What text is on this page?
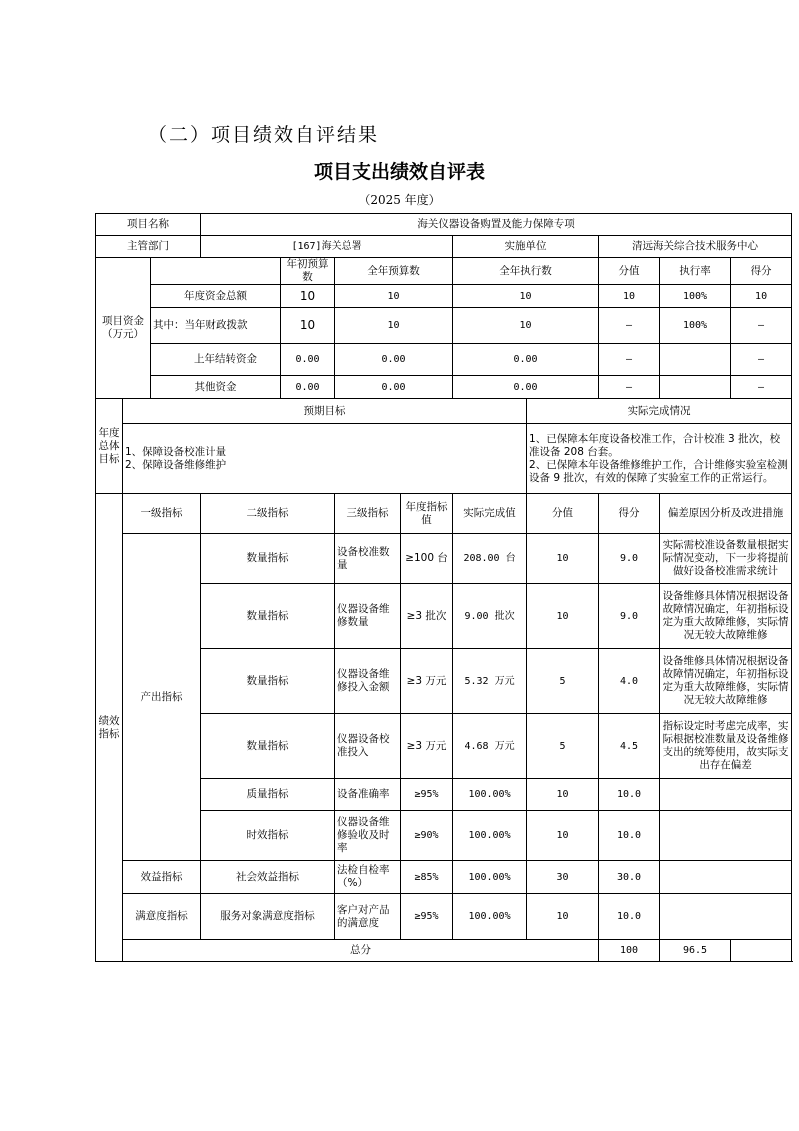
（二）项目绩效自评结果
项目支出绩效自评表
（2025 年度）
项目名称			海关仪器设备购置及能力保障专项								
主管部门			[167]海关总署				实施单位		清远海关综合技术服务中心		
项目资金（万元）				年初预算数	全年预算数		全年执行数		分值	执行率	得分
		年度资金总额		10	10		10		10	100%	10
		其中：当年财政拨款		10	10		10		—	100%	—
		上年结转资金		0.00	0.00		0.00		—		—
		其他资金		0.00	0.00		0.00		—		—
年度总体目标	预期目标							实际完成情况			
	1、保障设备校准计量
2、保障设备维修维护							1、已保障本年度设备校准工作，合计校准 3 批次，校准设备 208 台套。
2、已保障本年设备维修维护工作，合计维修实验室检测设备 9 批次，有效的保障了实验室工作的正常运行。			
绩效指标	一级指标		二级指标		三级指标	年度指标值	实际完成值	分值	得分	偏差原因分析及改进措施	
	产出指标		数量指标		设备校准数量	≥100 台	208.00 台	10	9.0	实际需校准设备数量根据实际情况变动，下一步将提前做好设备校准需求统计	
			数量指标		仪器设备维修数量	≥3 批次	9.00 批次	10	9.0	设备维修具体情况根据设备故障情况确定，年初指标设定为重大故障维修，实际情况无较大故障维修	
			数量指标		仪器设备维修投入金额	≥3 万元	5.32 万元	5	4.0	设备维修具体情况根据设备故障情况确定，年初指标设定为重大故障维修，实际情况无较大故障维修	
			数量指标		仪器设备校准投入	≥3 万元	4.68 万元	5	4.5	指标设定时考虑完成率，实际根据校准数量及设备维修支出的统筹使用，故实际支出存在偏差	
			质量指标		设备准确率	≥95%	100.00%	10	10.0		
			时效指标		仪器设备维修验收及时率	≥90%	100.00%	10	10.0		
	效益指标		社会效益指标		法检自检率（%）	≥85%	100.00%	30	30.0		
	满意度指标		服务对象满意度指标		客户对产品的满意度	≥95%	100.00%	10	10.0		
	总分								100	96.5	
